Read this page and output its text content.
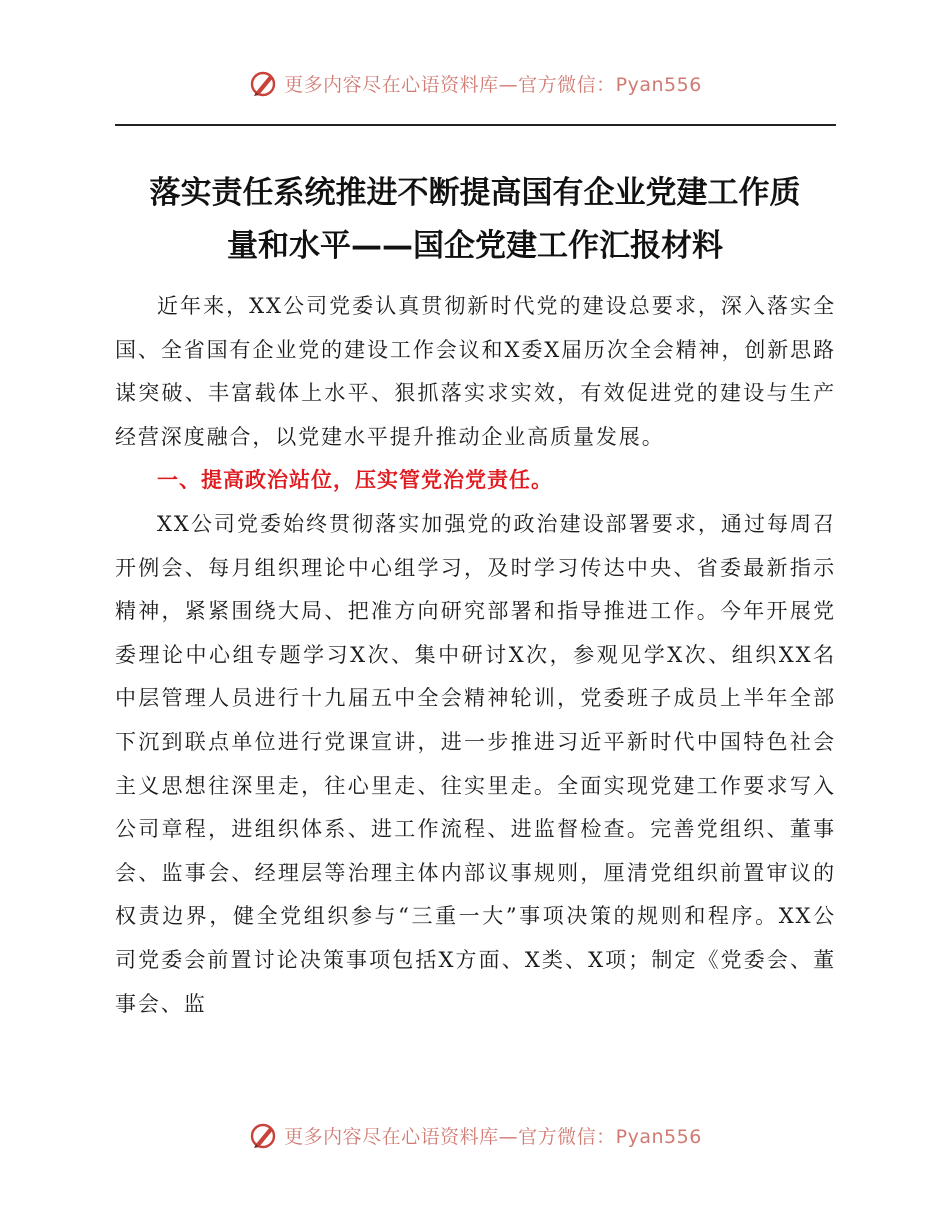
更多内容尽在心语资料库—官方微信：Pyan556
落实责任系统推进不断提高国有企业党建工作质
量和水平——国企党建工作汇报材料

近年来，XX公司党委认真贯彻新时代党的建设总要求，深入落实全国、全省国有企业党的建设工作会议和X委X届历次全会精神，创新思路谋突破、丰富载体上水平、狠抓落实求实效，有效促进党的建设与生产经营深度融合，以党建水平提升推动企业高质量发展。

一、提高政治站位，压实管党治党责任。

XX公司党委始终贯彻落实加强党的政治建设部署要求，通过每周召开例会、每月组织理论中心组学习，及时学习传达中央、省委最新指示精神，紧紧围绕大局、把准方向研究部署和指导推进工作。今年开展党委理论中心组专题学习X次、集中研讨X次，参观见学X次、组织XX名中层管理人员进行十九届五中全会精神轮训，党委班子成员上半年全部下沉到联点单位进行党课宣讲，进一步推进习近平新时代中国特色社会主义思想往深里走，往心里走、往实里走。全面实现党建工作要求写入公司章程，进组织体系、进工作流程、进监督检查。完善党组织、董事会、监事会、经理层等治理主体内部议事规则，厘清党组织前置审议的权责边界，健全党组织参与“三重一大”事项决策的规则和程序。XX公司党委会前置讨论决策事项包括X方面、X类、X项；制定《党委会、董事会、监

更多内容尽在心语资料库—官方微信：Pyan556
